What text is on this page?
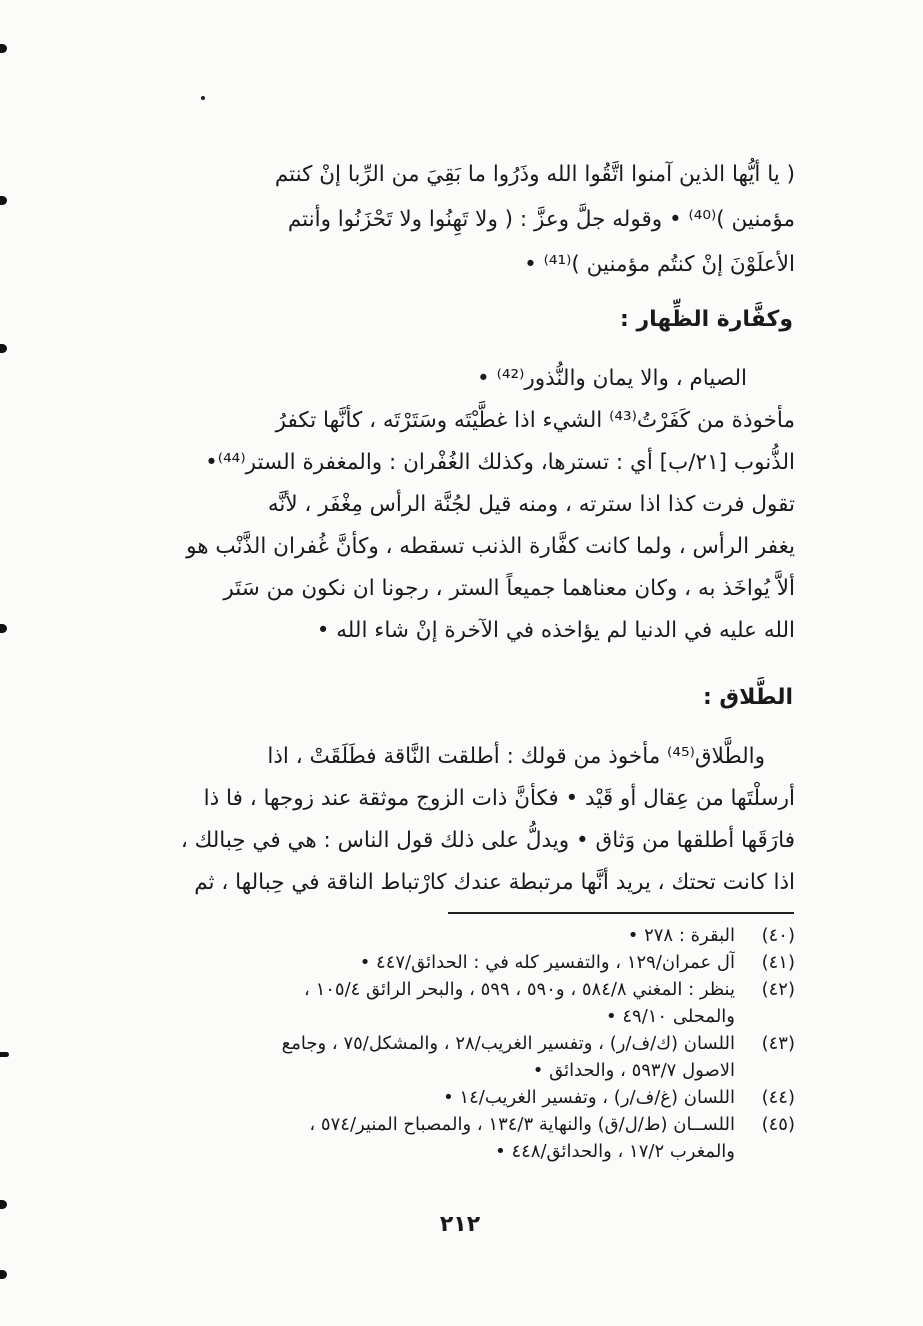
( يا أيُّها الذين آمنوا اتَّقُوا الله وذَرُوا ما بَقِيَ من الرِّبا إنْ كنتم
مؤمنين )⁽⁴⁰⁾ • وقوله جلَّ وعزَّ : ( ولا تَهِنُوا ولا تَحْزَنُوا وأنتم
الأعلَوْنَ إنْ كنتُم مؤمنين )⁽⁴¹⁾ •
وكفَّارة الظِّهار :
الصيام ، والا يمان والنُّذور⁽⁴²⁾ •
مأخوذة من كَفَرْتُ⁽⁴³⁾ الشيء اذا غطَّيْتَه وسَتَرْتَه ، كأنَّها تكفرُ
الذُّنوب [٢١/ب] أي : تسترها، وكذلك الغُفْران : والمغفرة الستر⁽⁴⁴⁾•
تقول فرت كذا اذا سترته ، ومنه قيل لجُنَّة الرأس مِغْفَر ، لأنَّه
يغفر الرأس ، ولما كانت كفَّارة الذنب تسقطه ، وكأنَّ غُفران الذَّنْب هو
ألاَّ يُواخَذ به ، وكان معناهما جميعاً الستر ، رجونا ان نكون من سَتَر
الله عليه في الدنيا لم يؤاخذه في الآخرة إنْ شاء الله •
الطَّلاق :
والطَّلاق⁽⁴⁵⁾ مأخوذ من قولك : أطلقت النَّاقة فطَلَقَتْ ، اذا
أرسلْتَها من عِقال أو قَيْد • فكأنَّ ذات الزوج موثقة عند زوجها ، فا ذا
فارَقَها أطلقها من وَثاق • ويدلُّ على ذلك قول الناس : هي في حِبالك ،
اذا كانت تحتك ، يريد أنَّها مرتبطة عندك كارْتباط الناقة في حِبالها ، ثم
(٤٠)
البقرة : ٢٧٨ •
(٤١)
آل عمران/١٢٩ ، والتفسير كله في : الحدائق/٤٤٧ •
(٤٢)
ينظر : المغني ٥٨٤/٨ ، و٥٩٠ ، ٥٩٩ ، والبحر الرائق ١٠٥/٤ ،
والمحلى ٤٩/١٠ •
(٤٣)
اللسان (ك/ف/ر) ، وتفسير الغريب/٢٨ ، والمشكل/٧٥ ، وجامع
الاصول ٥٩٣/٧ ، والحدائق •
(٤٤)
اللسان (غ/ف/ر) ، وتفسير الغريب/١٤ •
(٤٥)
اللســان (ط/ل/ق) والنهاية ١٣٤/٣ ، والمصباح المنير/٥٧٤ ،
والمغرب ١٧/٢ ، والحدائق/٤٤٨ •
٢١٢
